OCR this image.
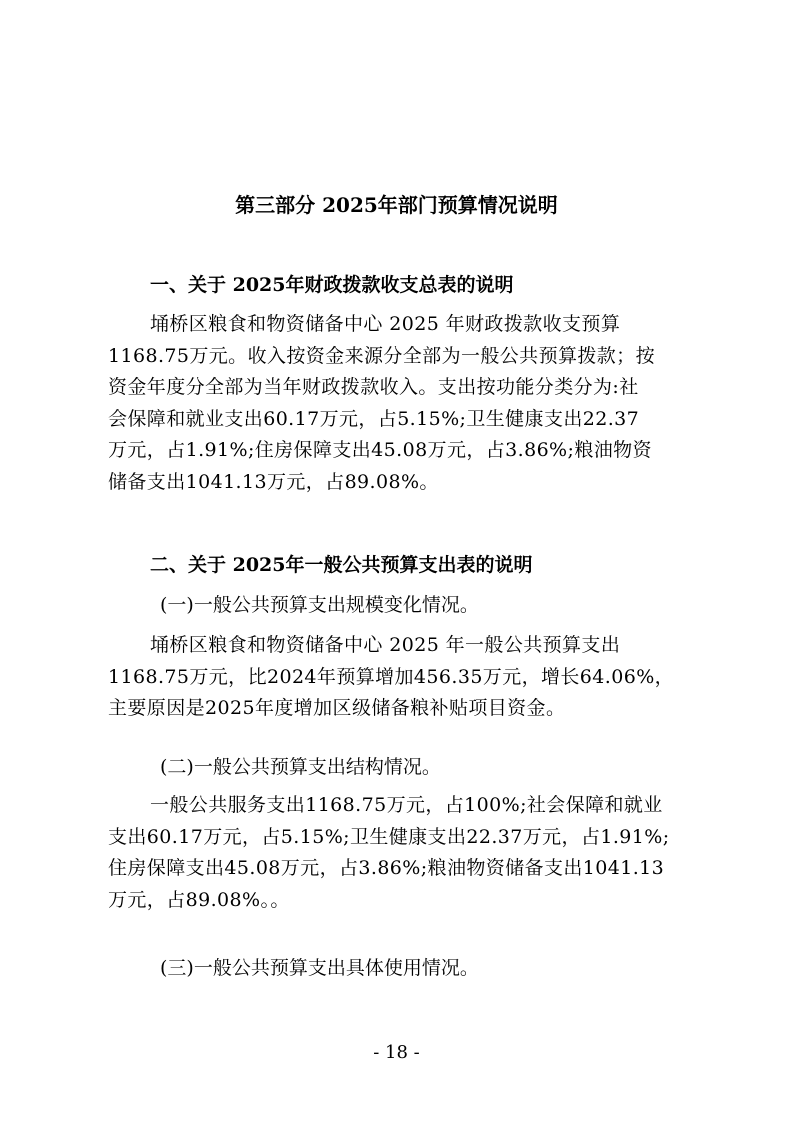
第三部分 2025年部门预算情况说明
一、关于 2025年财政拨款收支总表的说明

埇桥区粮食和物资储备中心 2025 年财政拨款收支预算
1168.75万元。收入按资金来源分全部为一般公共预算拨款；按
资金年度分全部为当年财政拨款收入。支出按功能分类分为:社
会保障和就业支出60.17万元，占5.15%;卫生健康支出22.37
万元，占1.91%;住房保障支出45.08万元，占3.86%;粮油物资
储备支出1041.13万元，占89.08%。

二、关于 2025年一般公共预算支出表的说明
(一)一般公共预算支出规模变化情况。

埇桥区粮食和物资储备中心 2025 年一般公共预算支出
1168.75万元，比2024年预算增加456.35万元，增长64.06%，
主要原因是2025年度增加区级储备粮补贴项目资金。

(二)一般公共预算支出结构情况。

一般公共服务支出1168.75万元，占100%;社会保障和就业
支出60.17万元，占5.15%;卫生健康支出22.37万元，占1.91%;
住房保障支出45.08万元，占3.86%;粮油物资储备支出1041.13
万元，占89.08%。。

(三)一般公共预算支出具体使用情况。
- 18 -
